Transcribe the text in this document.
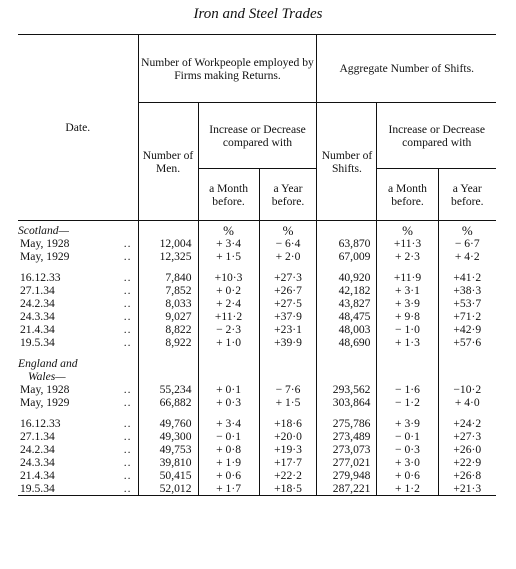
Iron and Steel Trades
Date.	Number of Workpeople employed by Firms making Returns.			Aggregate Number of Shifts.		
	Number of Men.	Increase or Decrease compared with		Number of Shifts.	Increase or Decrease compared with	
		a Month before.	a Year before.		a Month before.	a Year before.

Scotland—		%	%		%	%
May, 1928 ..	12,004	+ 3·4	− 6·4	63,870	+11·3	− 6·7
May, 1929 ..	12,325	+ 1·5	+ 2·0	67,009	+ 2·3	+ 4·2

16.12.33 ..	7,840	+10·3	+27·3	40,920	+11·9	+41·2
27.1.34 ..	7,852	+ 0·2	+26·7	42,182	+ 3·1	+38·3
24.2.34 ..	8,033	+ 2·4	+27·5	43,827	+ 3·9	+53·7
24.3.34 ..	9,027	+11·2	+37·9	48,475	+ 9·8	+71·2
21.4.34 ..	8,822	− 2·3	+23·1	48,003	− 1·0	+42·9
19.5.34 ..	8,922	+ 1·0	+39·9	48,690	+ 1·3	+57·6

England and						
Wales—						
May, 1928 ..	55,234	+ 0·1	− 7·6	293,562	− 1·6	−10·2
May, 1929 ..	66,882	+ 0·3	+ 1·5	303,864	− 1·2	+ 4·0

16.12.33 ..	49,760	+ 3·4	+18·6	275,786	+ 3·9	+24·2
27.1.34 ..	49,300	− 0·1	+20·0	273,489	− 0·1	+27·3
24.2.34 ..	49,753	+ 0·8	+19·3	273,073	− 0·3	+26·0
24.3.34 ..	39,810	+ 1·9	+17·7	277,021	+ 3·0	+22·9
21.4.34 ..	50,415	+ 0·6	+22·2	279,948	+ 0·6	+26·8
19.5.34 ..	52,012	+ 1·7	+18·5	287,221	+ 1·2	+21·3
